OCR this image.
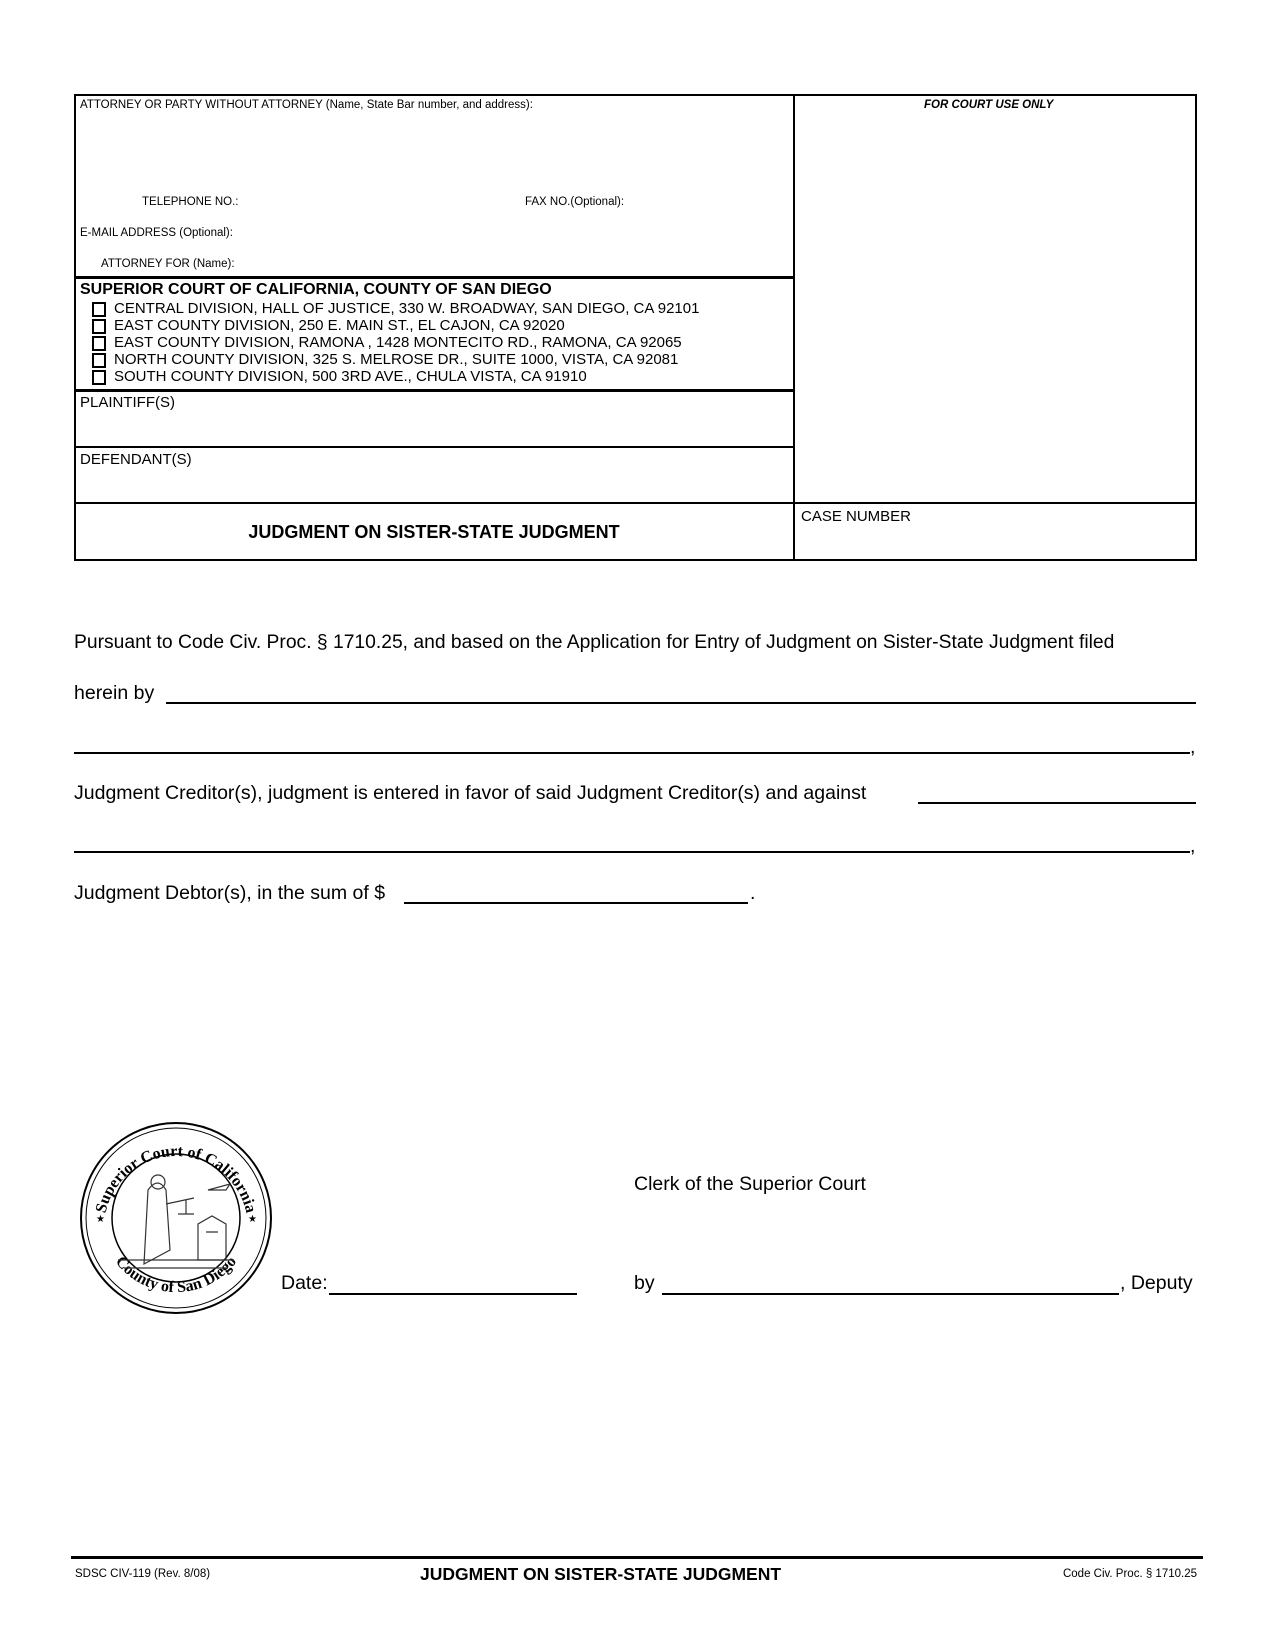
ATTORNEY OR PARTY WITHOUT ATTORNEY (Name, State Bar number, and address):
TELEPHONE NO.:	FAX NO.(Optional):
E-MAIL ADDRESS (Optional):
ATTORNEY FOR (Name):
FOR COURT USE ONLY
SUPERIOR COURT OF CALIFORNIA, COUNTY OF SAN DIEGO
CENTRAL DIVISION, HALL OF JUSTICE, 330 W. BROADWAY, SAN DIEGO, CA 92101
EAST COUNTY DIVISION, 250 E. MAIN ST., EL CAJON, CA 92020
EAST COUNTY DIVISION, RAMONA , 1428 MONTECITO RD., RAMONA, CA 92065
NORTH COUNTY DIVISION, 325 S. MELROSE DR., SUITE 1000, VISTA, CA 92081
SOUTH COUNTY DIVISION, 500 3RD AVE., CHULA VISTA, CA 91910
PLAINTIFF(S)
DEFENDANT(S)
JUDGMENT ON SISTER-STATE JUDGMENT
CASE NUMBER
Pursuant to Code Civ. Proc. § 1710.25, and based on the Application for Entry of Judgment on Sister-State Judgment filed
herein by
,
Judgment Creditor(s), judgment is entered in favor of said Judgment Creditor(s) and against
,
Judgment Debtor(s), in the sum of $	.
Superior Court of California
County of San Diego
★	★
Clerk of the Superior Court
Date:	by	, Deputy
SDSC CIV-119 (Rev. 8/08)	JUDGMENT ON SISTER-STATE JUDGMENT	Code Civ. Proc. § 1710.25
